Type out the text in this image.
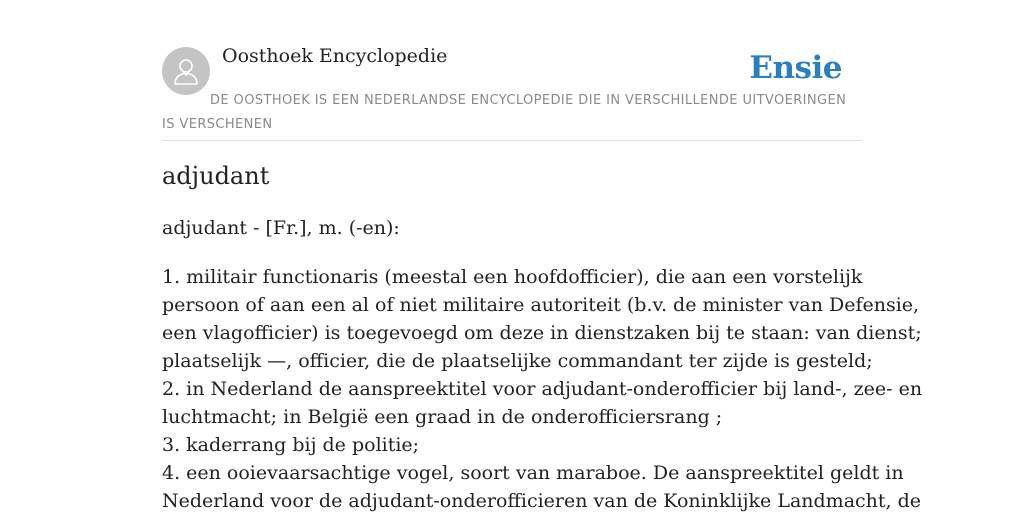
Oosthoek Encyclopedie	Ensie
DE OOSTHOEK IS EEN NEDERLANDSE ENCYCLOPEDIE DIE IN VERSCHILLENDE UITVOERINGEN IS VERSCHENEN
adjudant
adjudant - [Fr.], m. (-en):
1. militair functionaris (meestal een hoofdofficier), die aan een vorstelijk
persoon of aan een al of niet militaire autoriteit (b.v. de minister van Defensie,
een vlagofficier) is toegevoegd om deze in dienstzaken bij te staan: van dienst;
plaatselijk —, officier, die de plaatselijke commandant ter zijde is gesteld;
2. in Nederland de aanspreektitel voor adjudant-onderofficier bij land-, zee- en
luchtmacht; in België een graad in de onderofficiersrang ;
3. kaderrang bij de politie;
4. een ooievaarsachtige vogel, soort van maraboe. De aanspreektitel geldt in
Nederland voor de adjudant-onderofficieren van de Koninklijke Landmacht, de
